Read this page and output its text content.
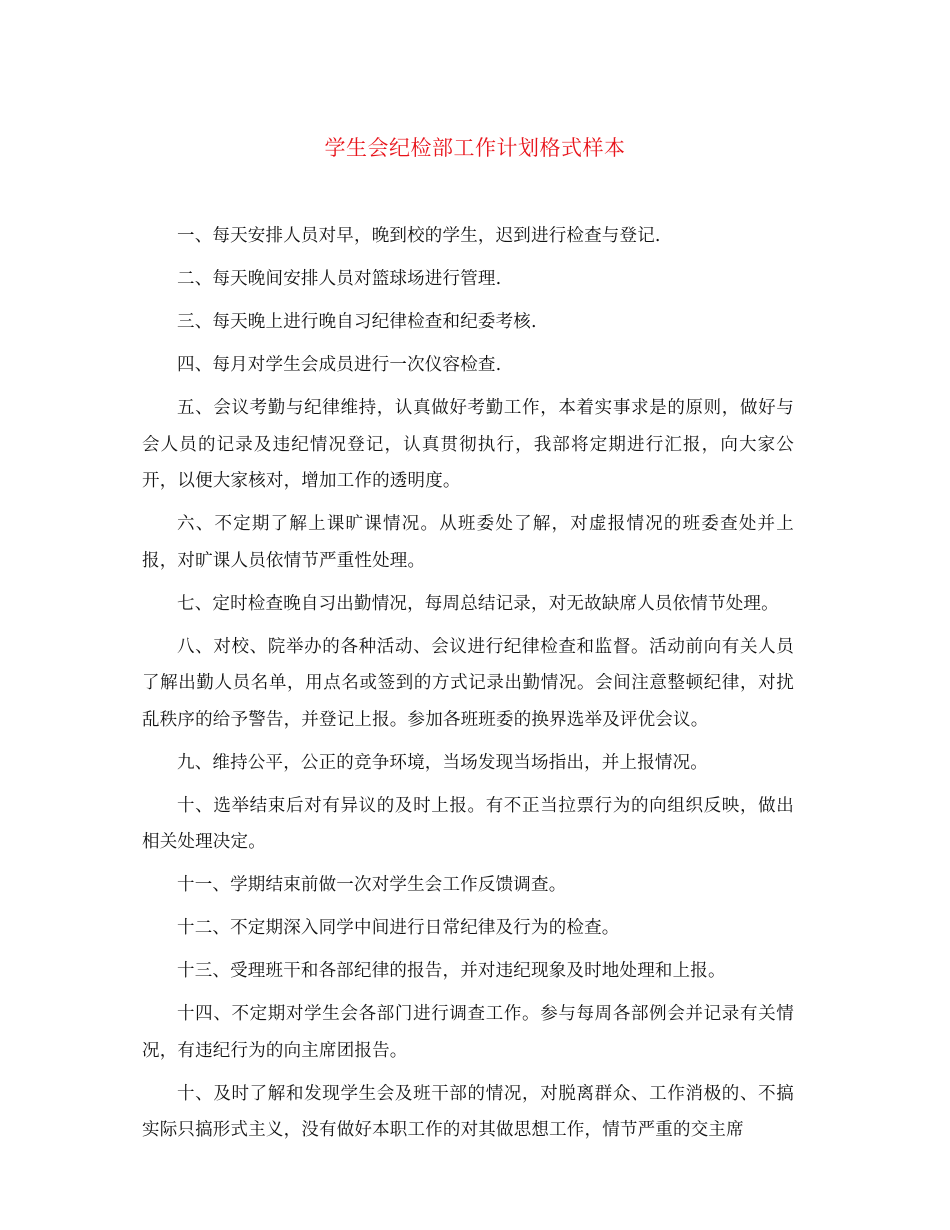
学生会纪检部工作计划格式样本

一、每天安排人员对早，晚到校的学生，迟到进行检查与登记.

二、每天晚间安排人员对篮球场进行管理.

三、每天晚上进行晚自习纪律检查和纪委考核.

四、每月对学生会成员进行一次仪容检查.

五、会议考勤与纪律维持，认真做好考勤工作，本着实事求是的原则，做好与会人员的记录及违纪情况登记，认真贯彻执行，我部将定期进行汇报，向大家公开，以便大家核对，增加工作的透明度。

六、不定期了解上课旷课情况。从班委处了解，对虚报情况的班委查处并上报，对旷课人员依情节严重性处理。

七、定时检查晚自习出勤情况，每周总结记录，对无故缺席人员依情节处理。

八、对校、院举办的各种活动、会议进行纪律检查和监督。活动前向有关人员了解出勤人员名单，用点名或签到的方式记录出勤情况。会间注意整顿纪律，对扰乱秩序的给予警告，并登记上报。参加各班班委的换界选举及评优会议。

九、维持公平，公正的竞争环境，当场发现当场指出，并上报情况。

十、选举结束后对有异议的及时上报。有不正当拉票行为的向组织反映，做出相关处理决定。

十一、学期结束前做一次对学生会工作反馈调查。

十二、不定期深入同学中间进行日常纪律及行为的检查。

十三、受理班干和各部纪律的报告，并对违纪现象及时地处理和上报。

十四、不定期对学生会各部门进行调查工作。参与每周各部例会并记录有关情况，有违纪行为的向主席团报告。

十、及时了解和发现学生会及班干部的情况，对脱离群众、工作消极的、不搞实际只搞形式主义，没有做好本职工作的对其做思想工作，情节严重的交主席
